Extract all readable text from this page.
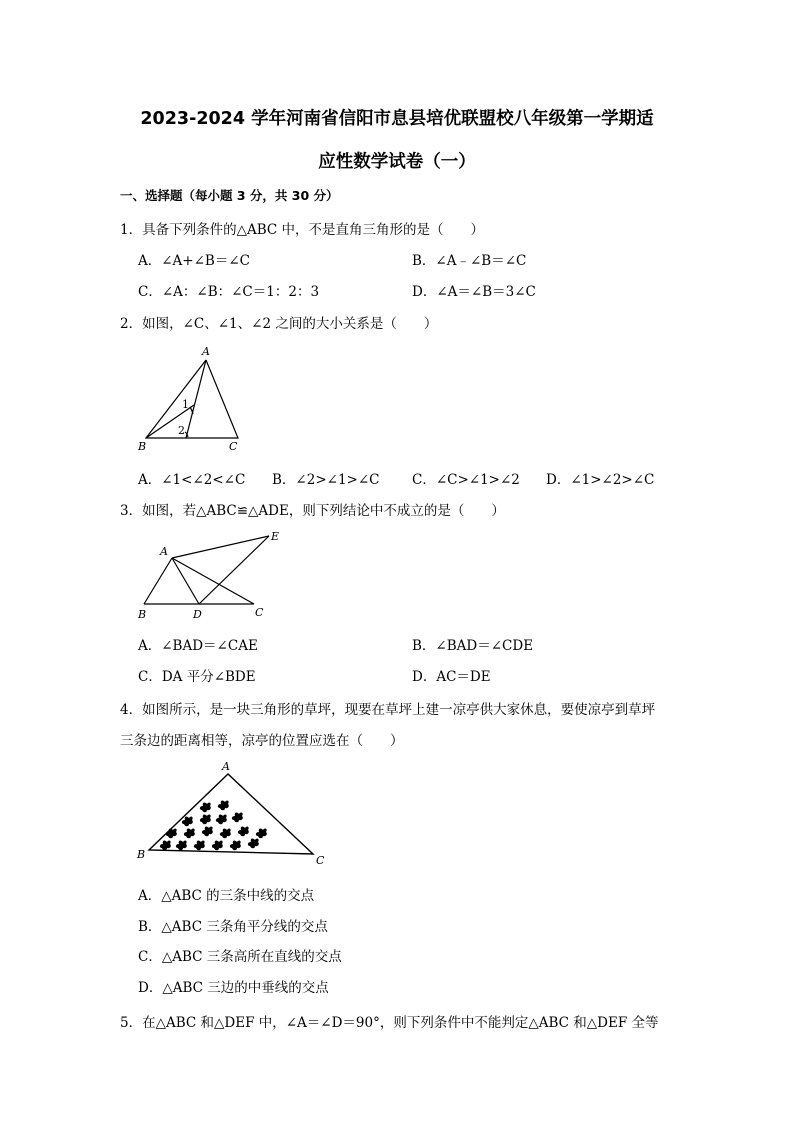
2023-2024 学年河南省信阳市息县培优联盟校八年级第一学期适
应性数学试卷（一）
一、选择题（每小题 3 分，共 30 分）
1．具备下列条件的△ABC 中，不是直角三角形的是（　　）
A．∠A+∠B＝∠C	B．∠A﹣∠B＝∠C
C．∠A：∠B：∠C＝1：2：3	D．∠A＝∠B＝3∠C
2．如图，∠C、∠1、∠2 之间的大小关系是（　　）
A
B	C
1
2
A．∠1<∠2<∠C B．∠2>∠1>∠C C．∠C>∠1>∠2 D．∠1>∠2>∠C
3．如图，若△ABC≌△ADE，则下列结论中不成立的是（　　）
A
E
B	D	C
A．∠BAD＝∠CAE	B．∠BAD＝∠CDE
C．DA 平分∠BDE	D．AC＝DE
4．如图所示，是一块三角形的草坪，现要在草坪上建一凉亭供大家休息，要使凉亭到草坪
三条边的距离相等，凉亭的位置应选在（　　）
A
B	C
A．△ABC 的三条中线的交点
B．△ABC 三条角平分线的交点
C．△ABC 三条高所在直线的交点
D．△ABC 三边的中垂线的交点
5．在△ABC 和△DEF 中，∠A＝∠D＝90°，则下列条件中不能判定△ABC 和△DEF 全等
